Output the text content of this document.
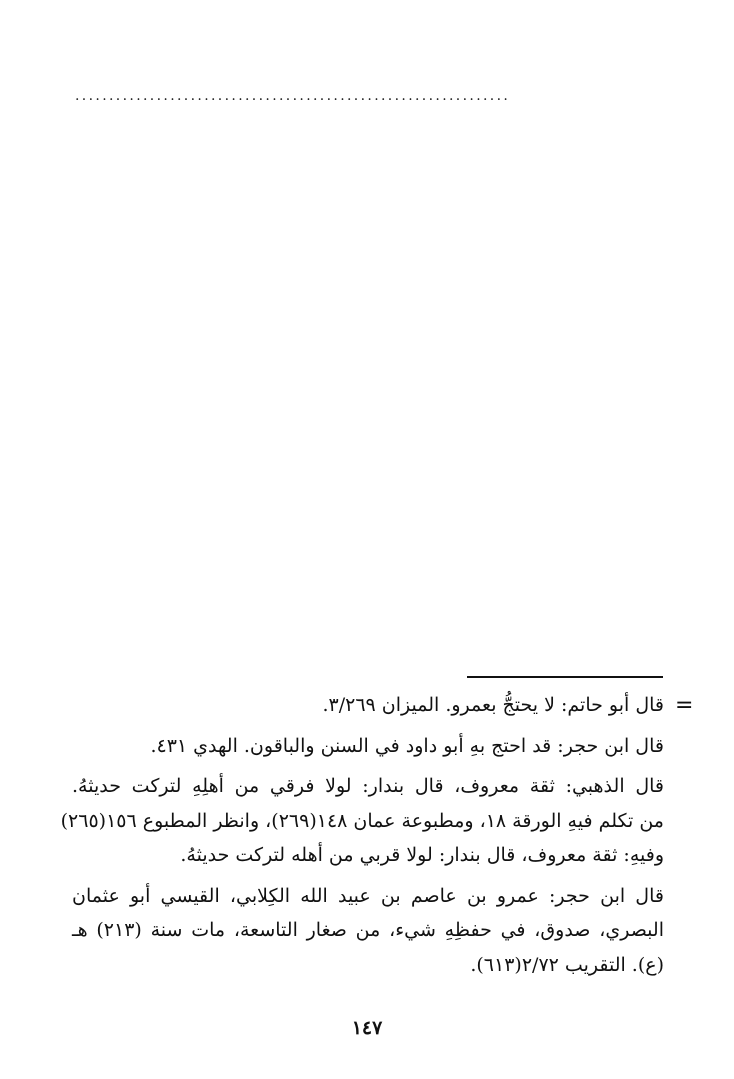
................................................................
=
قال أبو حاتم: لا يحتجُّ بعمرو. الميزان ٣/٢٦٩.
قال ابن حجر: قد احتج بهِ أبو داود في السنن والباقون. الهدي ٤٣١.
قال الذهبي: ثقة معروف، قال بندار: لولا فرقي من أهلِهِ لتركت حديثهُ.
من تكلم فيهِ الورقة ١٨، ومطبوعة عمان ١٤٨(٢٦٩)، وانظر المطبوع ١٥٦(٢٦٥)
وفيهِ: ثقة معروف، قال بندار: لولا قربي من أهله لتركت حديثهُ.
قال ابن حجر: عمرو بن عاصم بن عبيد الله الكِلابي، القيسي أبو عثمان
البصري، صدوق، في حفظِهِ شيء، من صغار التاسعة، مات سنة (٢١٣) هـ
(ع). التقريب ٢/٧٢(٦١٣).
١٤٧
